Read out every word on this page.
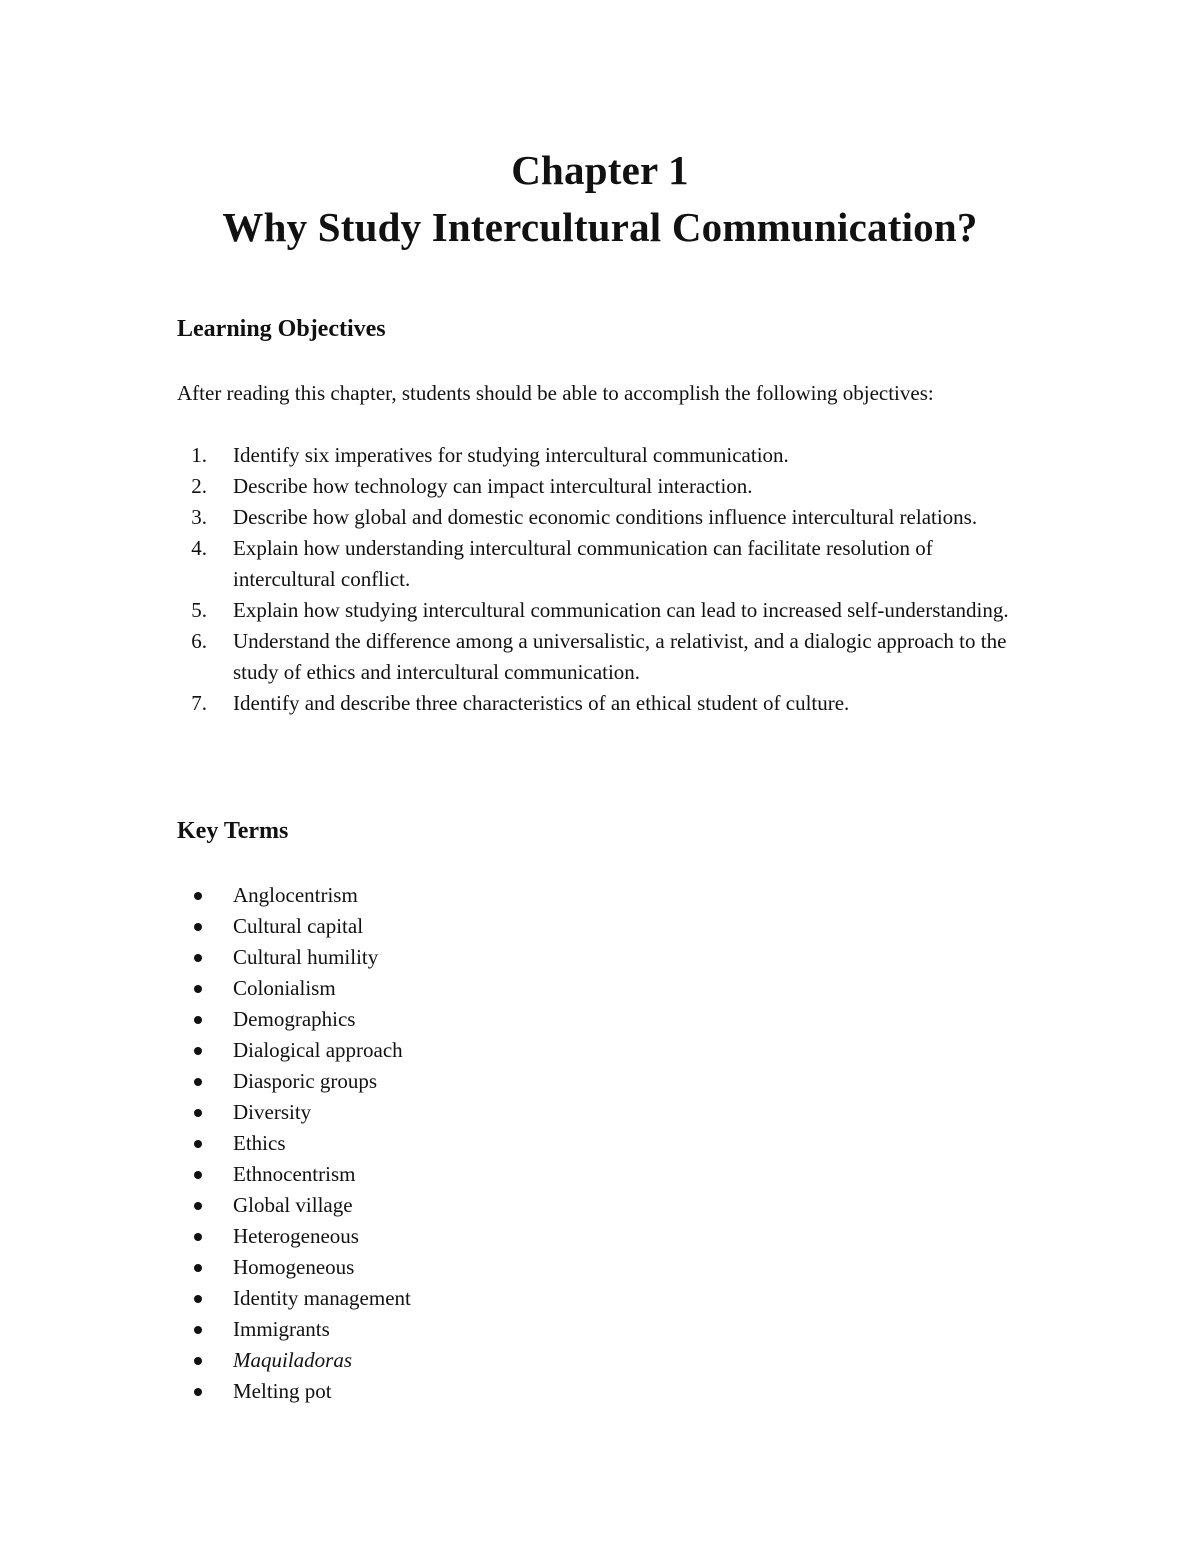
Chapter 1
Why Study Intercultural Communication?
Learning Objectives

After reading this chapter, students should be able to accomplish the following objectives:

1. Identify six imperatives for studying intercultural communication.
2. Describe how technology can impact intercultural interaction.
3. Describe how global and domestic economic conditions influence intercultural relations.
4. Explain how understanding intercultural communication can facilitate resolution of intercultural conflict.
5. Explain how studying intercultural communication can lead to increased self-understanding.
6. Understand the difference among a universalistic, a relativist, and a dialogic approach to the study of ethics and intercultural communication.
7. Identify and describe three characteristics of an ethical student of culture.
Key Terms
Anglocentrism
Cultural capital
Cultural humility
Colonialism
Demographics
Dialogical approach
Diasporic groups
Diversity
Ethics
Ethnocentrism
Global village
Heterogeneous
Homogeneous
Identity management
Immigrants
Maquiladoras
Melting pot
